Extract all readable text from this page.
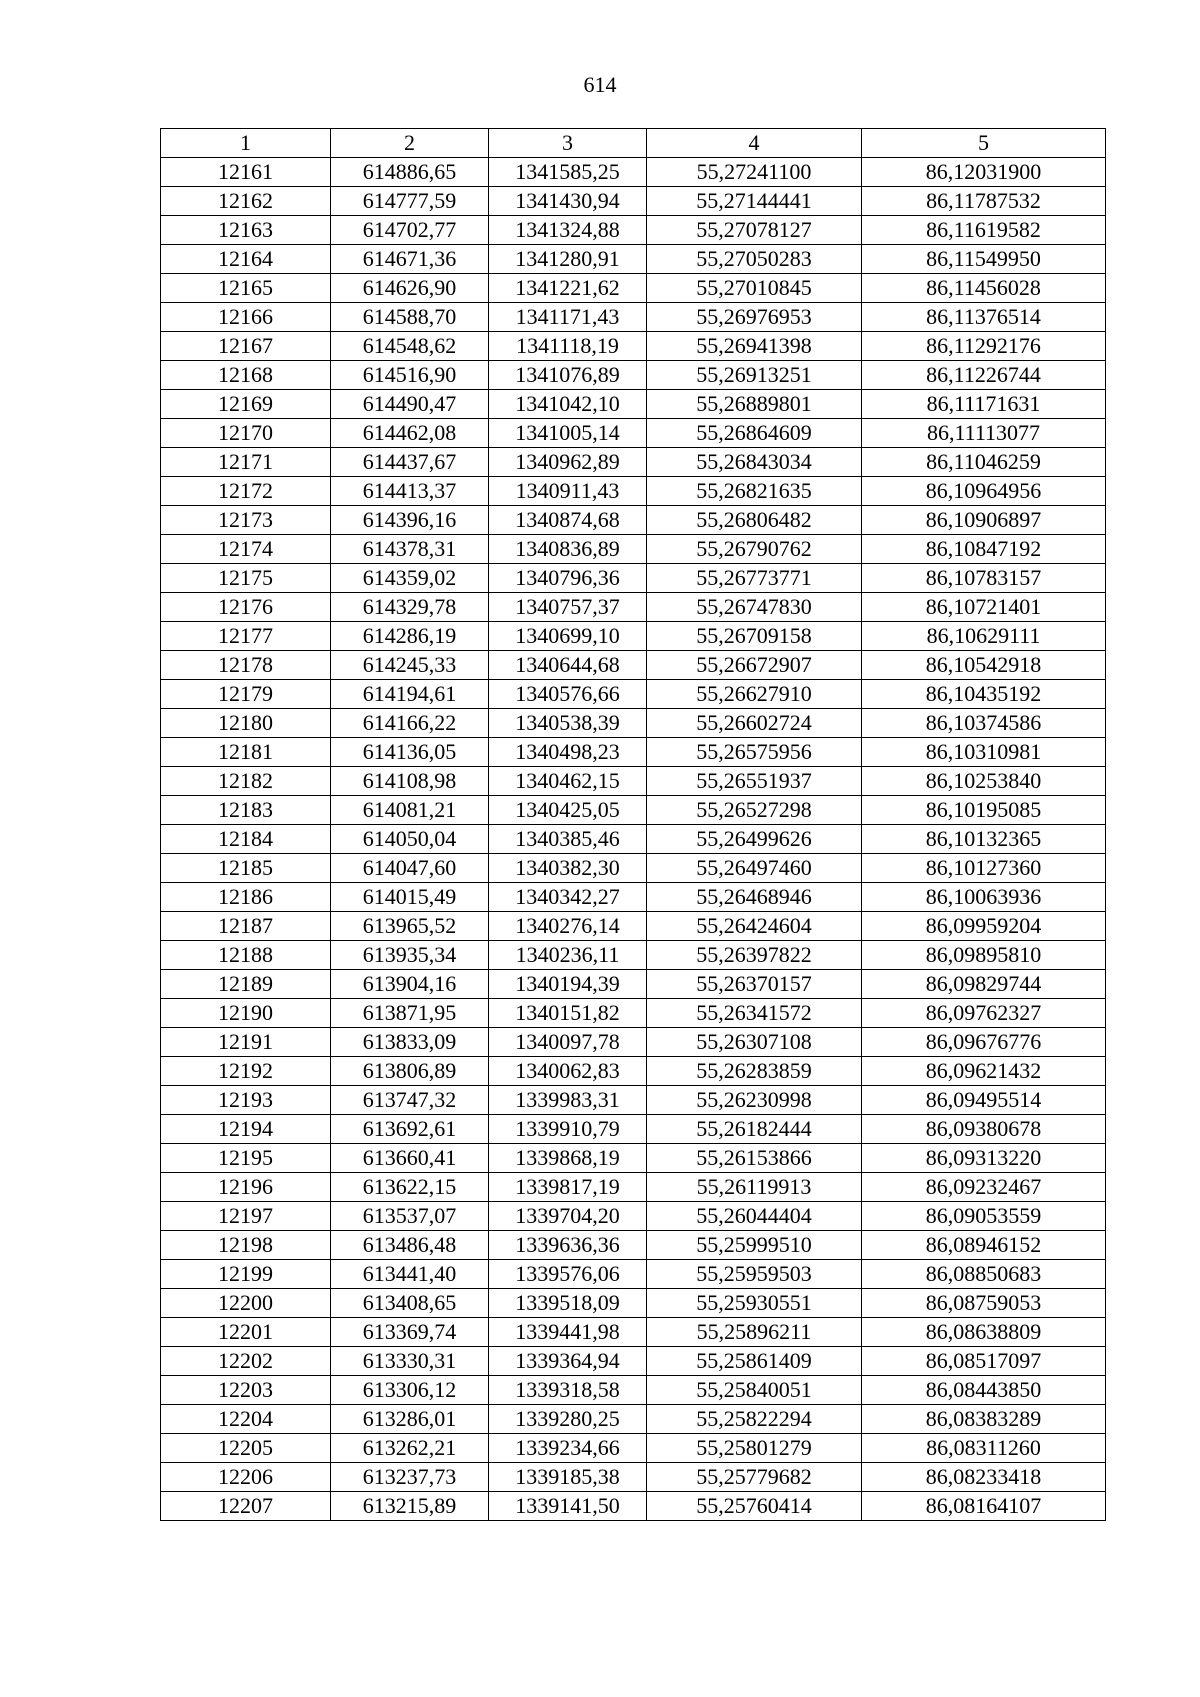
614
1	2	3	4	5
12161	614886,65	1341585,25	55,27241100	86,12031900
12162	614777,59	1341430,94	55,27144441	86,11787532
12163	614702,77	1341324,88	55,27078127	86,11619582
12164	614671,36	1341280,91	55,27050283	86,11549950
12165	614626,90	1341221,62	55,27010845	86,11456028
12166	614588,70	1341171,43	55,26976953	86,11376514
12167	614548,62	1341118,19	55,26941398	86,11292176
12168	614516,90	1341076,89	55,26913251	86,11226744
12169	614490,47	1341042,10	55,26889801	86,11171631
12170	614462,08	1341005,14	55,26864609	86,11113077
12171	614437,67	1340962,89	55,26843034	86,11046259
12172	614413,37	1340911,43	55,26821635	86,10964956
12173	614396,16	1340874,68	55,26806482	86,10906897
12174	614378,31	1340836,89	55,26790762	86,10847192
12175	614359,02	1340796,36	55,26773771	86,10783157
12176	614329,78	1340757,37	55,26747830	86,10721401
12177	614286,19	1340699,10	55,26709158	86,10629111
12178	614245,33	1340644,68	55,26672907	86,10542918
12179	614194,61	1340576,66	55,26627910	86,10435192
12180	614166,22	1340538,39	55,26602724	86,10374586
12181	614136,05	1340498,23	55,26575956	86,10310981
12182	614108,98	1340462,15	55,26551937	86,10253840
12183	614081,21	1340425,05	55,26527298	86,10195085
12184	614050,04	1340385,46	55,26499626	86,10132365
12185	614047,60	1340382,30	55,26497460	86,10127360
12186	614015,49	1340342,27	55,26468946	86,10063936
12187	613965,52	1340276,14	55,26424604	86,09959204
12188	613935,34	1340236,11	55,26397822	86,09895810
12189	613904,16	1340194,39	55,26370157	86,09829744
12190	613871,95	1340151,82	55,26341572	86,09762327
12191	613833,09	1340097,78	55,26307108	86,09676776
12192	613806,89	1340062,83	55,26283859	86,09621432
12193	613747,32	1339983,31	55,26230998	86,09495514
12194	613692,61	1339910,79	55,26182444	86,09380678
12195	613660,41	1339868,19	55,26153866	86,09313220
12196	613622,15	1339817,19	55,26119913	86,09232467
12197	613537,07	1339704,20	55,26044404	86,09053559
12198	613486,48	1339636,36	55,25999510	86,08946152
12199	613441,40	1339576,06	55,25959503	86,08850683
12200	613408,65	1339518,09	55,25930551	86,08759053
12201	613369,74	1339441,98	55,25896211	86,08638809
12202	613330,31	1339364,94	55,25861409	86,08517097
12203	613306,12	1339318,58	55,25840051	86,08443850
12204	613286,01	1339280,25	55,25822294	86,08383289
12205	613262,21	1339234,66	55,25801279	86,08311260
12206	613237,73	1339185,38	55,25779682	86,08233418
12207	613215,89	1339141,50	55,25760414	86,08164107
